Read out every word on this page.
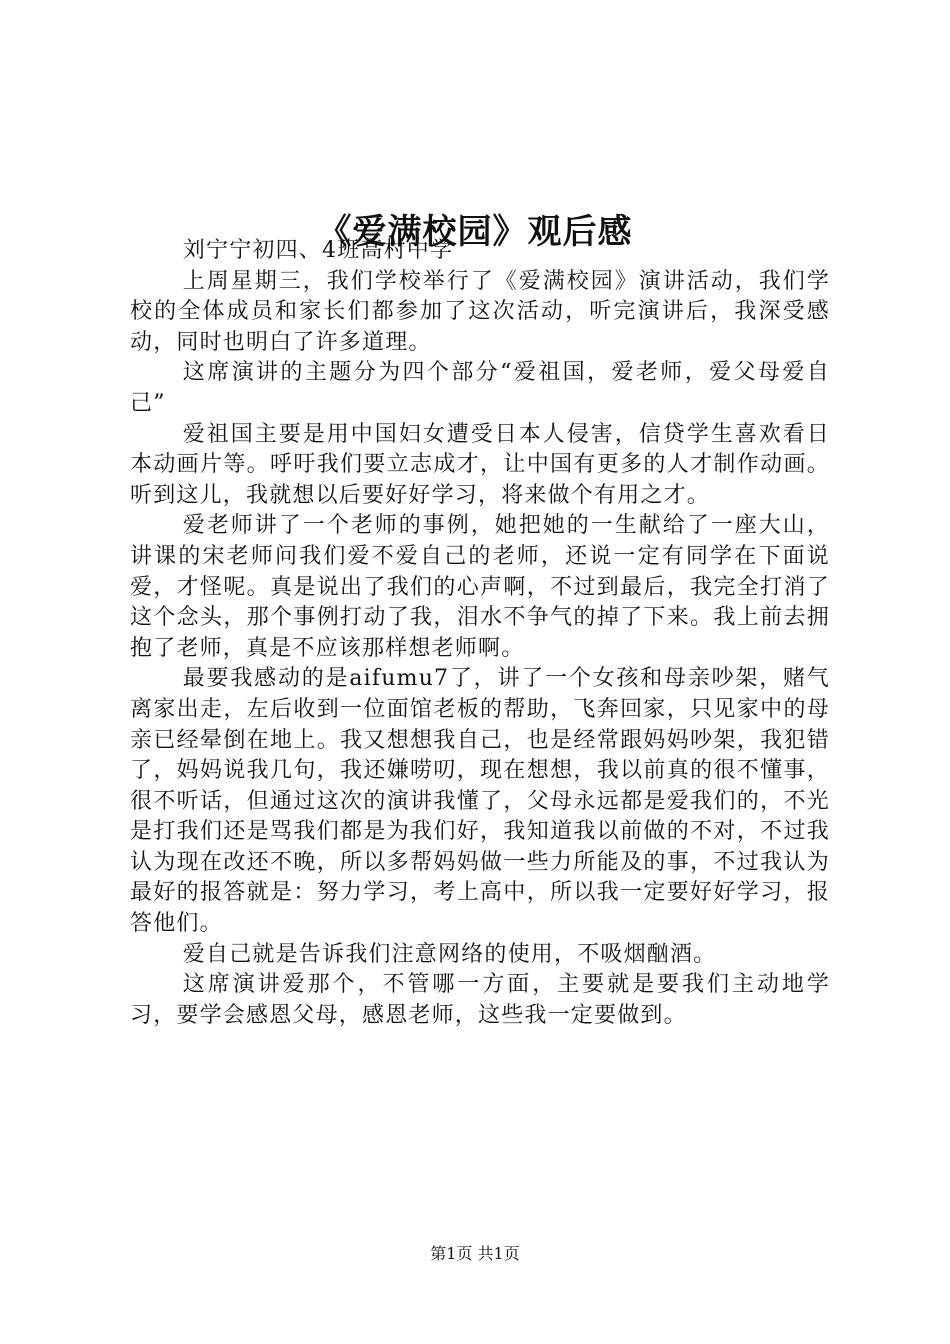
《爱满校园》观后感

刘宁宁初四、4班高村中学

上周星期三，我们学校举行了《爱满校园》演讲活动，我们学校的全体成员和家长们都参加了这次活动，听完演讲后，我深受感动，同时也明白了许多道理。

这席演讲的主题分为四个部分“爱祖国，爱老师，爱父母爱自己”

爱祖国主要是用中国妇女遭受日本人侵害，信贷学生喜欢看日本动画片等。呼吁我们要立志成才，让中国有更多的人才制作动画。听到这儿，我就想以后要好好学习，将来做个有用之才。

爱老师讲了一个老师的事例，她把她的一生献给了一座大山，讲课的宋老师问我们爱不爱自己的老师，还说一定有同学在下面说爱，才怪呢。真是说出了我们的心声啊，不过到最后，我完全打消了这个念头，那个事例打动了我，泪水不争气的掉了下来。我上前去拥抱了老师，真是不应该那样想老师啊。

最要我感动的是aifumu7了，讲了一个女孩和母亲吵架，赌气离家出走，左后收到一位面馆老板的帮助，飞奔回家，只见家中的母亲已经晕倒在地上。我又想想我自己，也是经常跟妈妈吵架，我犯错了，妈妈说我几句，我还嫌唠叨，现在想想，我以前真的很不懂事，很不听话，但通过这次的演讲我懂了，父母永远都是爱我们的，不光是打我们还是骂我们都是为我们好，我知道我以前做的不对，不过我认为现在改还不晚，所以多帮妈妈做一些力所能及的事，不过我认为最好的报答就是：努力学习，考上高中，所以我一定要好好学习，报答他们。

爱自己就是告诉我们注意网络的使用，不吸烟酗酒。

这席演讲爱那个，不管哪一方面，主要就是要我们主动地学习，要学会感恩父母，感恩老师，这些我一定要做到。

第1页 共1页
